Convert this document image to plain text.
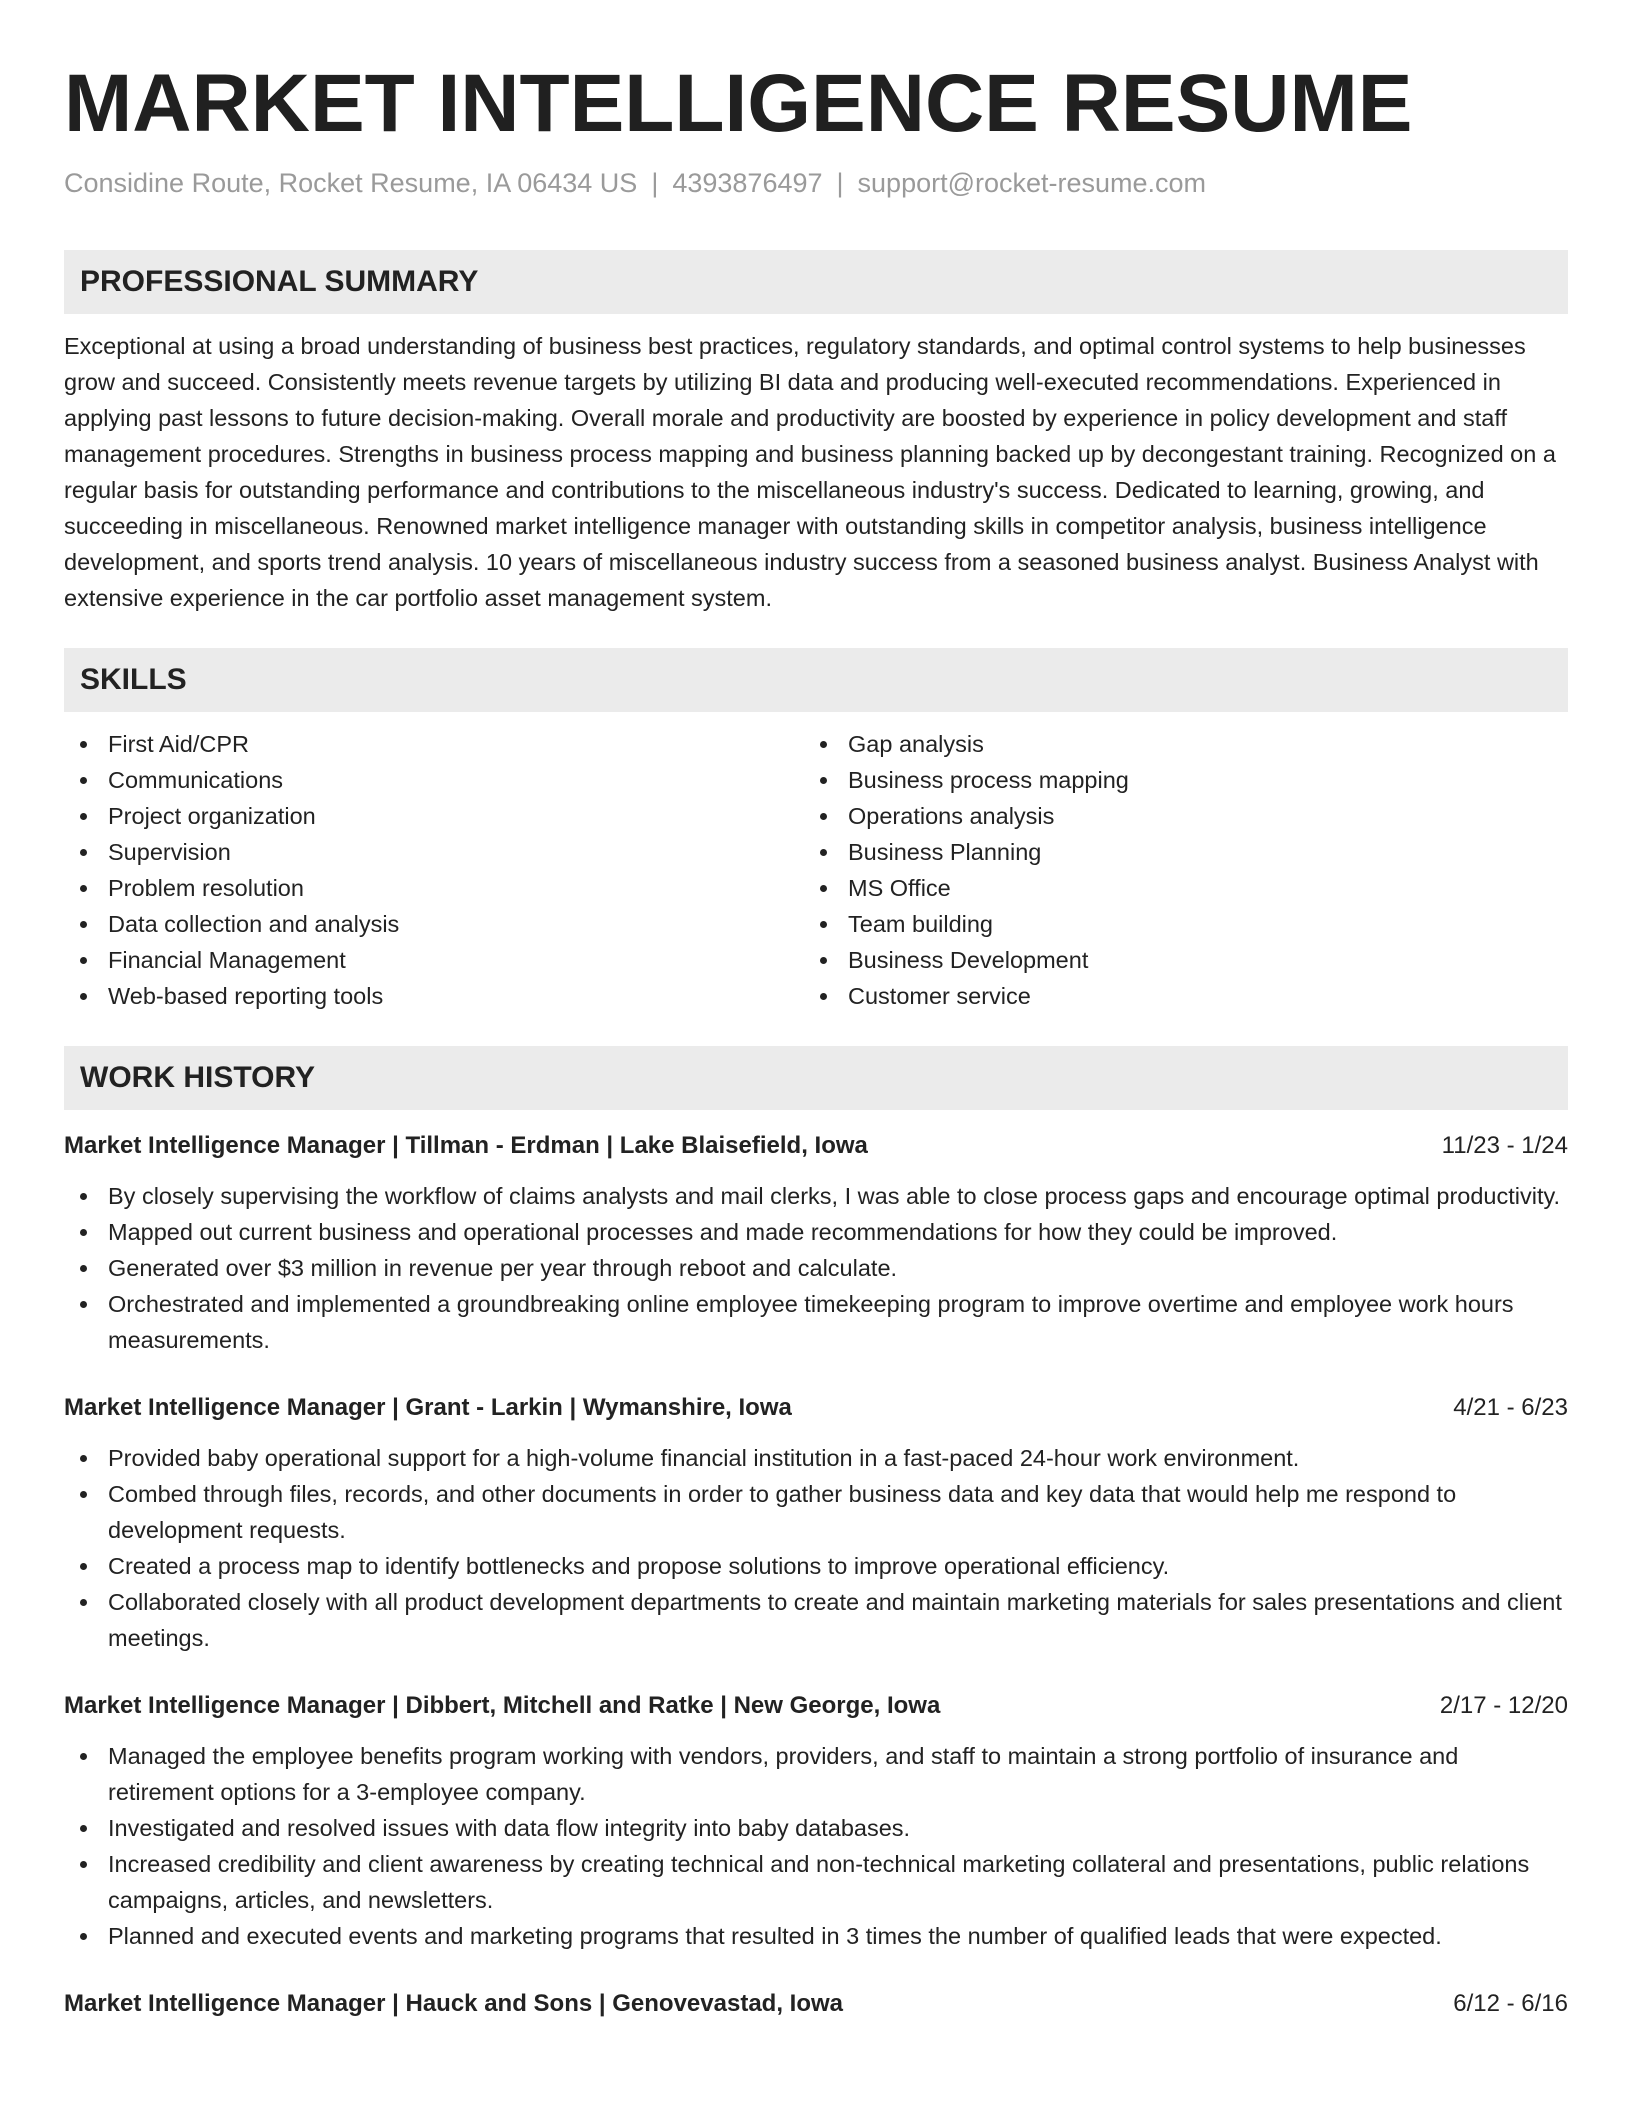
MARKET INTELLIGENCE RESUME
Considine Route, Rocket Resume, IA 06434 US | 4393876497 | support@rocket-resume.com
PROFESSIONAL SUMMARY

Exceptional at using a broad understanding of business best practices, regulatory standards, and optimal control systems to help businesses grow and succeed. Consistently meets revenue targets by utilizing BI data and producing well-executed recommendations. Experienced in applying past lessons to future decision-making. Overall morale and productivity are boosted by experience in policy development and staff management procedures. Strengths in business process mapping and business planning backed up by decongestant training. Recognized on a regular basis for outstanding performance and contributions to the miscellaneous industry's success. Dedicated to learning, growing, and succeeding in miscellaneous. Renowned market intelligence manager with outstanding skills in competitor analysis, business intelligence development, and sports trend analysis. 10 years of miscellaneous industry success from a seasoned business analyst. Business Analyst with extensive experience in the car portfolio asset management system.

SKILLS
First Aid/CPR
Communications
Project organization
Supervision
Problem resolution
Data collection and analysis
Financial Management
Web-based reporting tools
Gap analysis
Business process mapping
Operations analysis
Business Planning
MS Office
Team building
Business Development
Customer service
WORK HISTORY
Market Intelligence Manager | Tillman - Erdman | Lake Blaisefield, Iowa	11/23 - 1/24
By closely supervising the workflow of claims analysts and mail clerks, I was able to close process gaps and encourage optimal productivity.
Mapped out current business and operational processes and made recommendations for how they could be improved.
Generated over $3 million in revenue per year through reboot and calculate.
Orchestrated and implemented a groundbreaking online employee timekeeping program to improve overtime and employee work hours measurements.
Market Intelligence Manager | Grant - Larkin | Wymanshire, Iowa	4/21 - 6/23
Provided baby operational support for a high-volume financial institution in a fast-paced 24-hour work environment.
Combed through files, records, and other documents in order to gather business data and key data that would help me respond to development requests.
Created a process map to identify bottlenecks and propose solutions to improve operational efficiency.
Collaborated closely with all product development departments to create and maintain marketing materials for sales presentations and client meetings.
Market Intelligence Manager | Dibbert, Mitchell and Ratke | New George, Iowa	2/17 - 12/20
Managed the employee benefits program working with vendors, providers, and staff to maintain a strong portfolio of insurance and retirement options for a 3-employee company.
Investigated and resolved issues with data flow integrity into baby databases.
Increased credibility and client awareness by creating technical and non-technical marketing collateral and presentations, public relations campaigns, articles, and newsletters.
Planned and executed events and marketing programs that resulted in 3 times the number of qualified leads that were expected.
Market Intelligence Manager | Hauck and Sons | Genovevastad, Iowa	6/12 - 6/16
